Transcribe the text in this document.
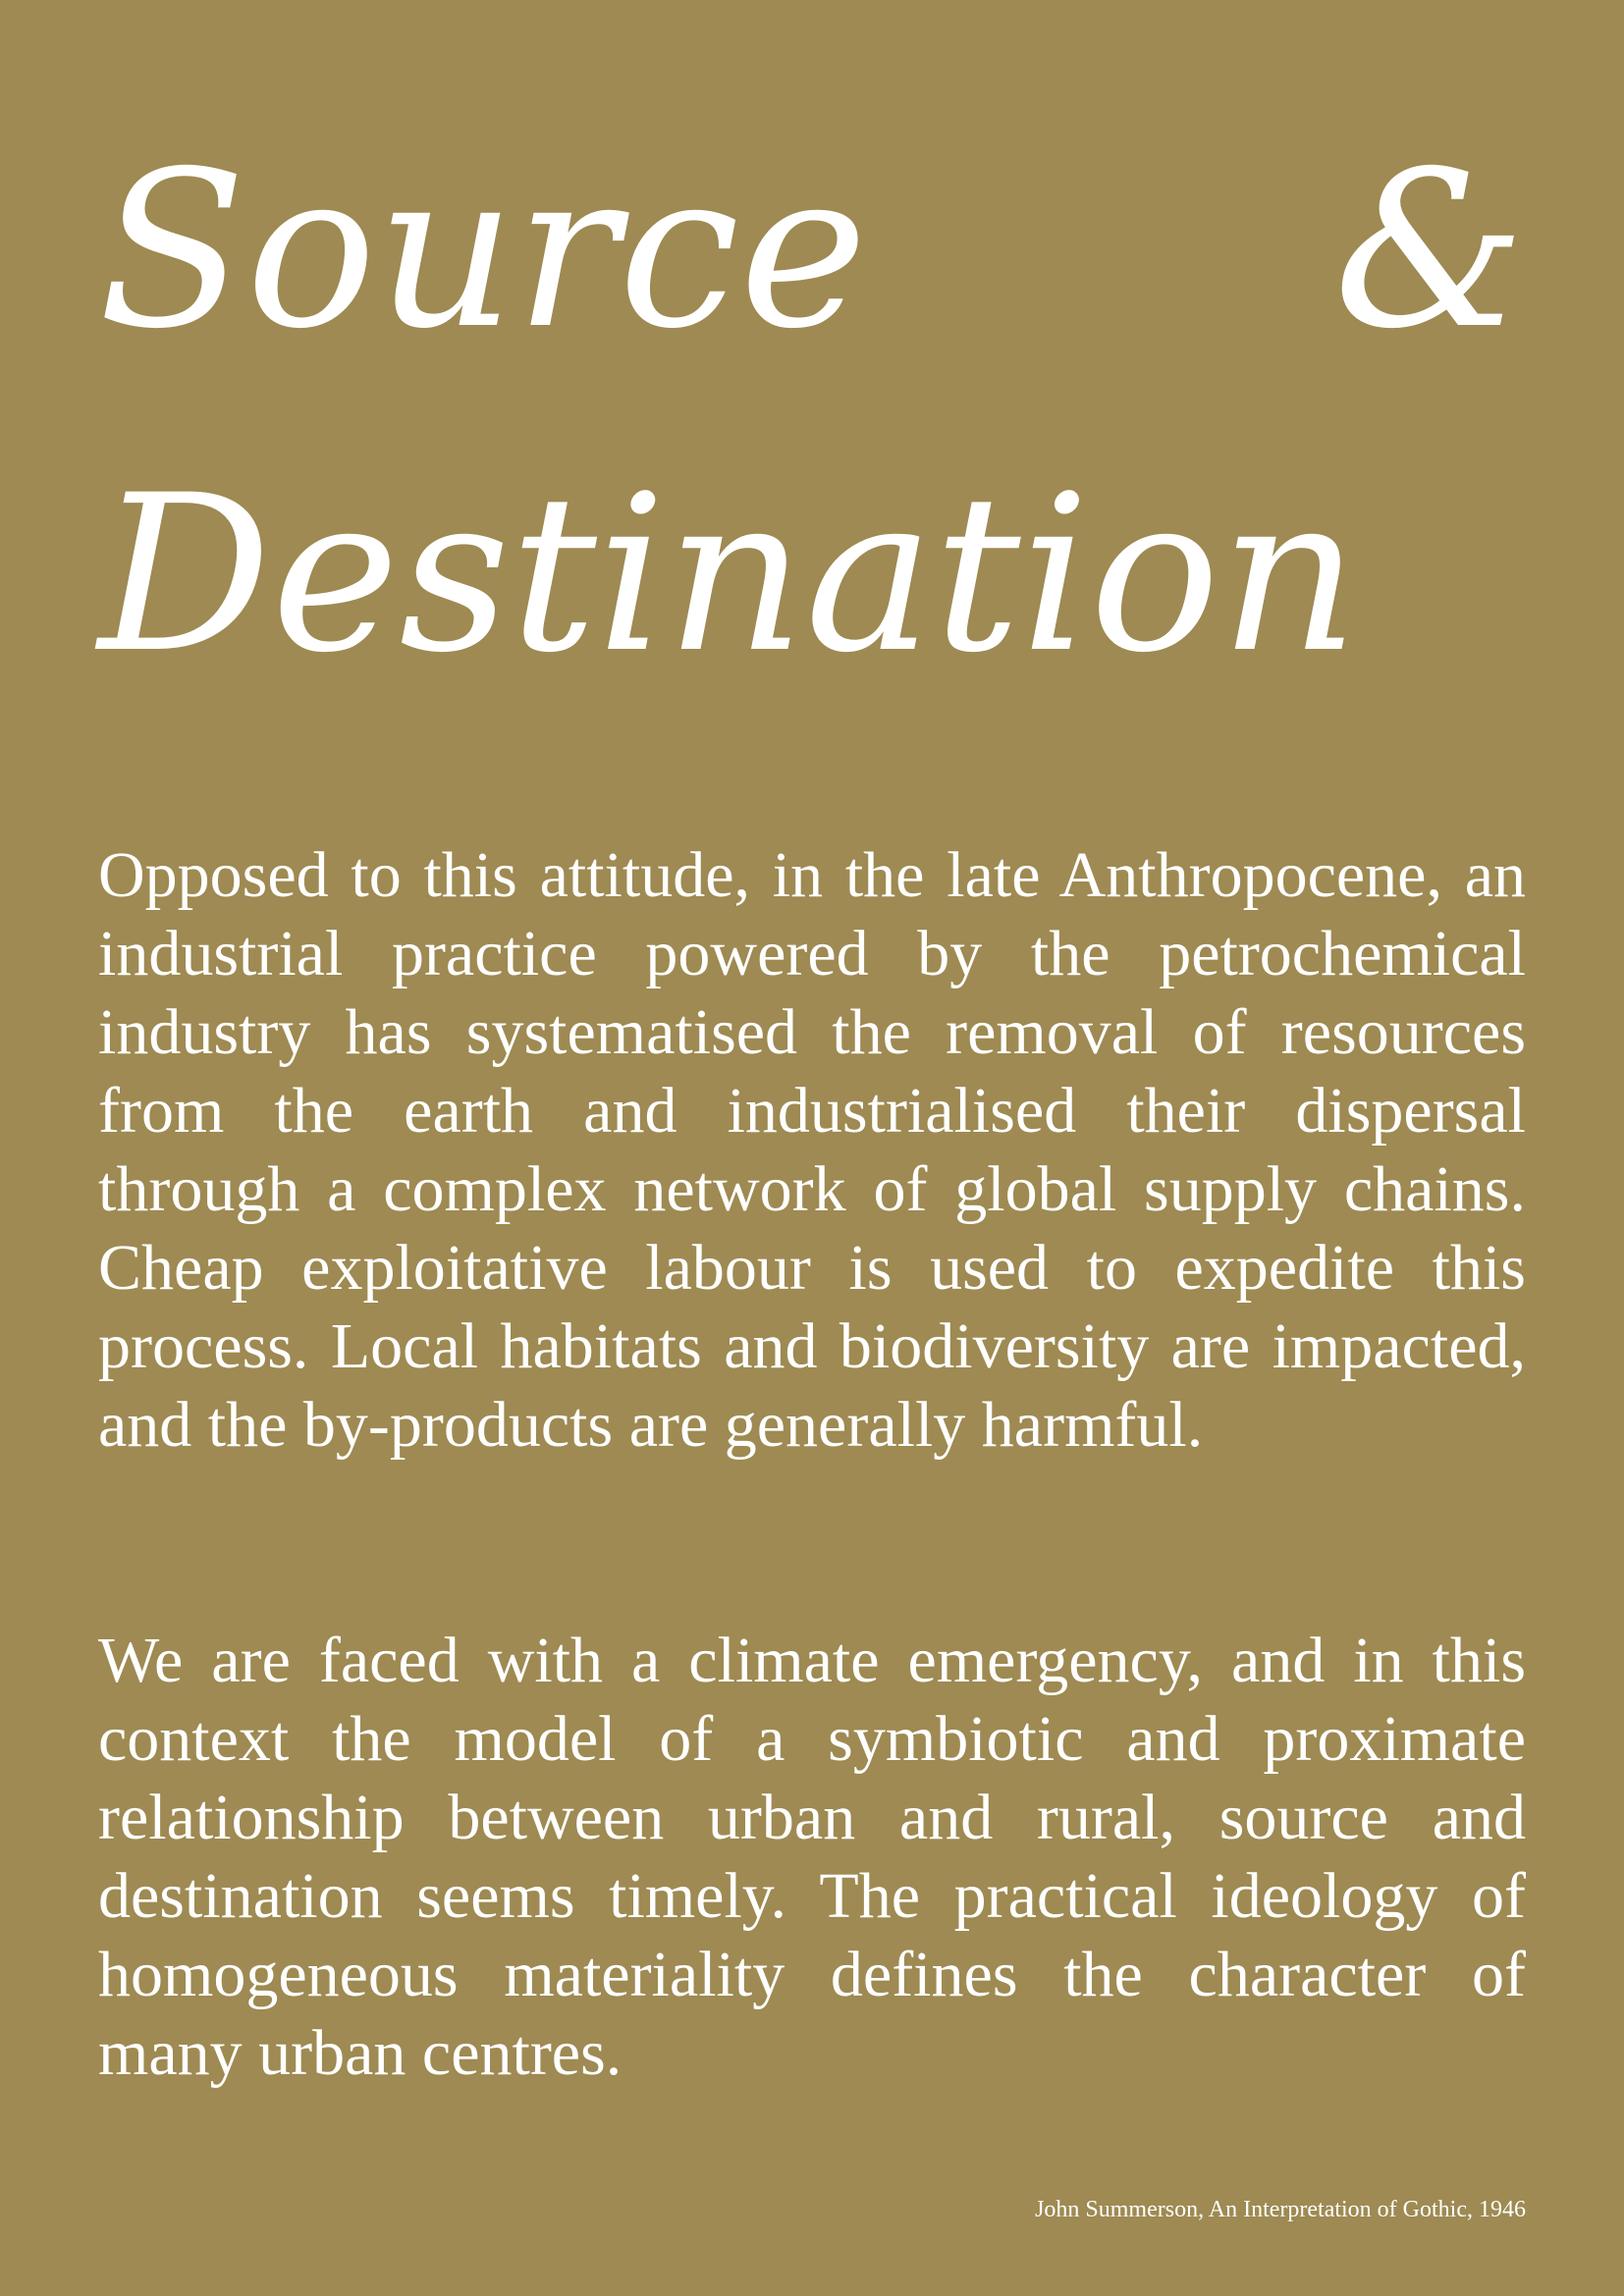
Source &
Destination

Opposed to this attitude, in the late Anthropocene, an industrial practice powered by the petrochemical industry has systematised the removal of resources from the earth and industrialised their dispersal through a complex network of global supply chains. Cheap exploitative labour is used to expedite this process. Local habitats and biodiversity are impacted, and the by-products are generally harmful.

We are faced with a climate emergency, and in this context the model of a symbiotic and proximate relationship between urban and rural, source and destination seems timely. The practical ideology of homogeneous materiality defines the character of many urban centres.

John Summerson, An Interpretation of Gothic, 1946
